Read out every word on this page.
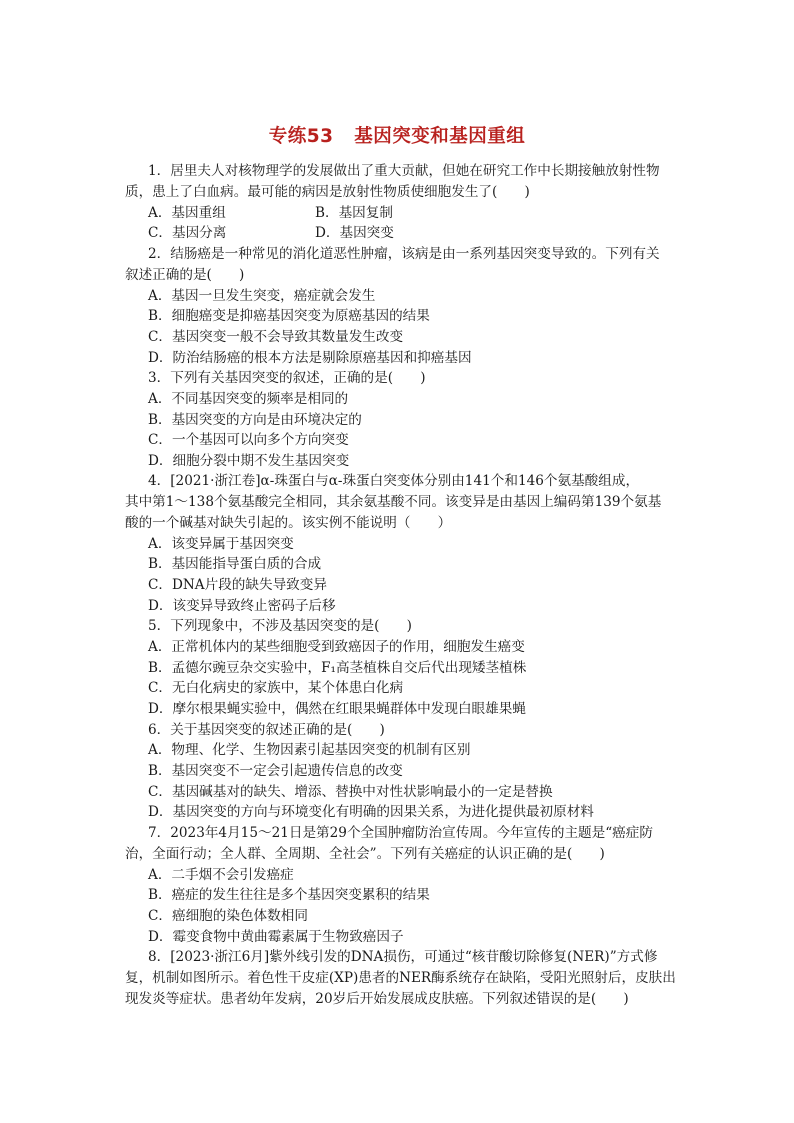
专练53 基因突变和基因重组
1．居里夫人对核物理学的发展做出了重大贡献，但她在研究工作中长期接触放射性物
质，患上了白血病。最可能的病因是放射性物质使细胞发生了(　　)
A．基因重组	B．基因复制
C．基因分离	D．基因突变
2．结肠癌是一种常见的消化道恶性肿瘤，该病是由一系列基因突变导致的。下列有关
叙述正确的是(　　)
A．基因一旦发生突变，癌症就会发生
B．细胞癌变是抑癌基因突变为原癌基因的结果
C．基因突变一般不会导致其数量发生改变
D．防治结肠癌的根本方法是剔除原癌基因和抑癌基因
3．下列有关基因突变的叙述，正确的是(　　)
A．不同基因突变的频率是相同的
B．基因突变的方向是由环境决定的
C．一个基因可以向多个方向突变
D．细胞分裂中期不发生基因突变
4．[2021·浙江卷]α-珠蛋白与α-珠蛋白突变体分别由141个和146个氨基酸组成，
其中第1～138个氨基酸完全相同，其余氨基酸不同。该变异是由基因上编码第139个氨基
酸的一个碱基对缺失引起的。该实例不能说明（　　）
A．该变异属于基因突变
B．基因能指导蛋白质的合成
C．DNA片段的缺失导致变异
D．该变异导致终止密码子后移
5．下列现象中，不涉及基因突变的是(　　)
A．正常机体内的某些细胞受到致癌因子的作用，细胞发生癌变
B．孟德尔豌豆杂交实验中，F₁高茎植株自交后代出现矮茎植株
C．无白化病史的家族中，某个体患白化病
D．摩尔根果蝇实验中，偶然在红眼果蝇群体中发现白眼雄果蝇
6．关于基因突变的叙述正确的是(　　)
A．物理、化学、生物因素引起基因突变的机制有区别
B．基因突变不一定会引起遗传信息的改变
C．基因碱基对的缺失、增添、替换中对性状影响最小的一定是替换
D．基因突变的方向与环境变化有明确的因果关系，为进化提供最初原材料
7．2023年4月15～21日是第29个全国肿瘤防治宣传周。今年宣传的主题是“癌症防
治，全面行动；全人群、全周期、全社会”。下列有关癌症的认识正确的是(　　)
A．二手烟不会引发癌症
B．癌症的发生往往是多个基因突变累积的结果
C．癌细胞的染色体数相同
D．霉变食物中黄曲霉素属于生物致癌因子
8．[2023·浙江6月]紫外线引发的DNA损伤，可通过“核苷酸切除修复(NER)”方式修
复，机制如图所示。着色性干皮症(XP)患者的NER酶系统存在缺陷，受阳光照射后，皮肤出
现发炎等症状。患者幼年发病，20岁后开始发展成皮肤癌。下列叙述错误的是(　　)
